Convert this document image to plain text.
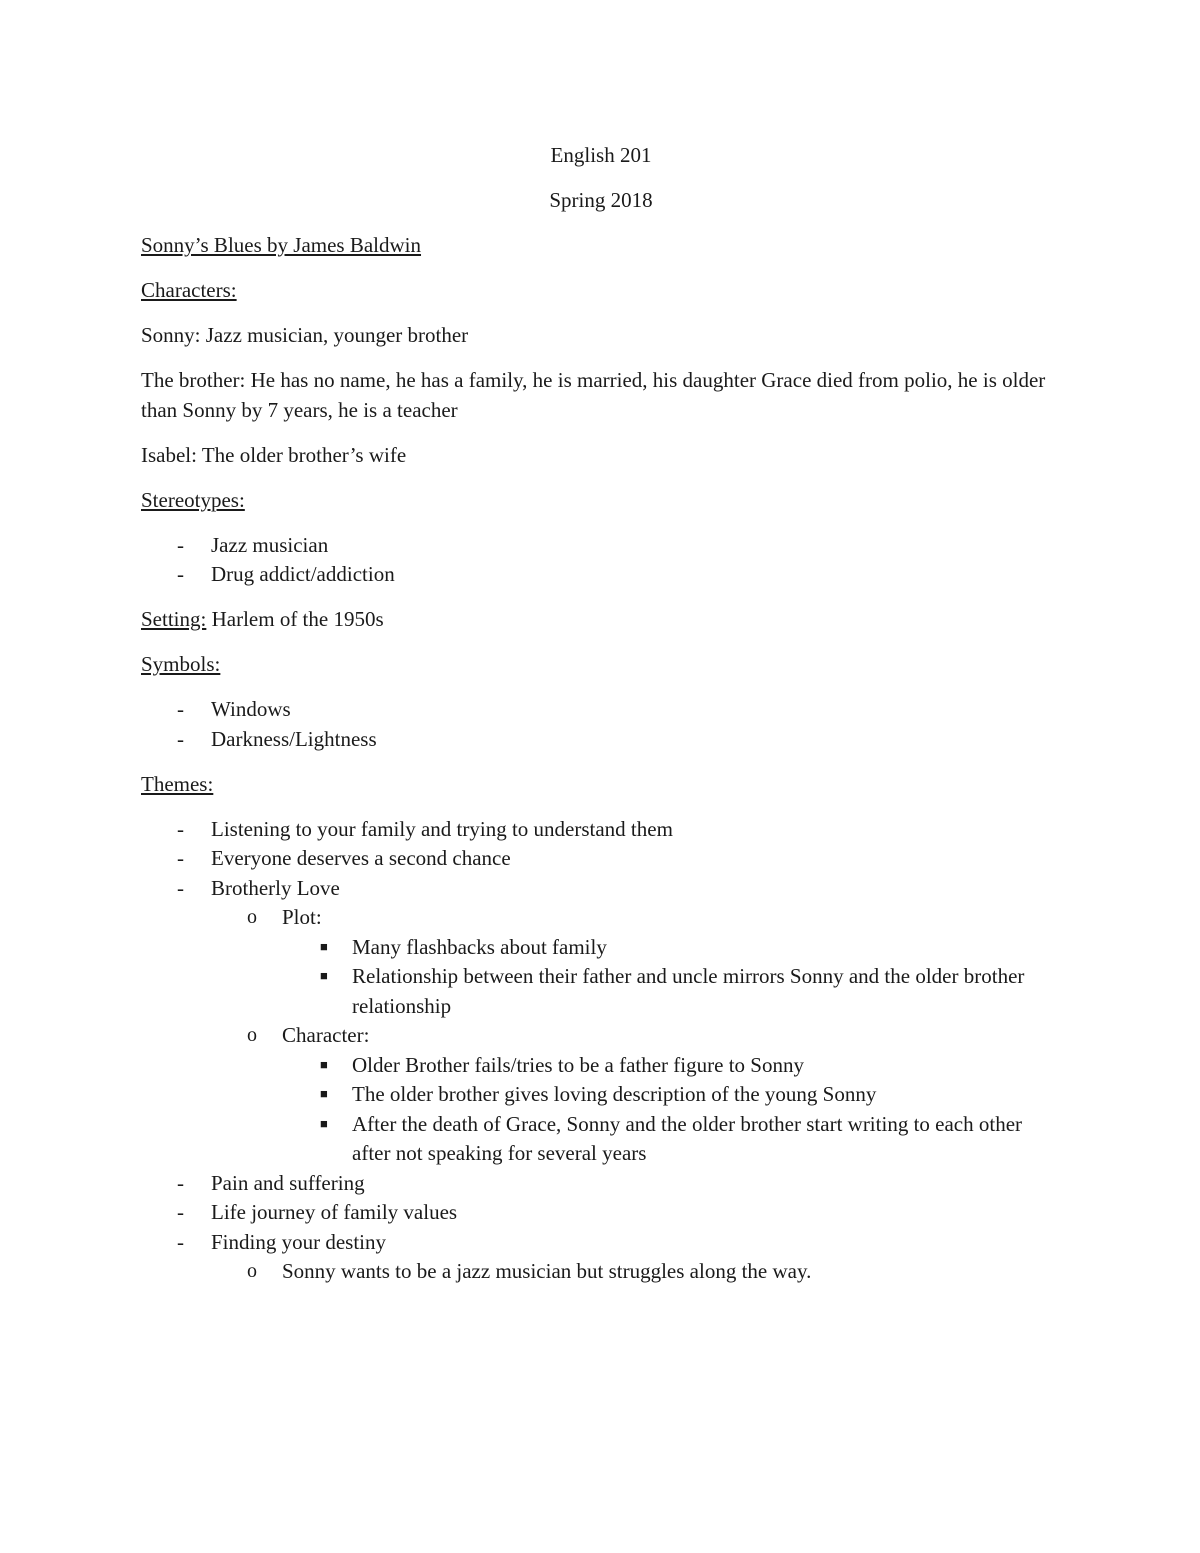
English 201

Spring 2018

Sonny’s Blues by James Baldwin

Characters:

Sonny: Jazz musician, younger brother

The brother: He has no name, he has a family, he is married, his daughter Grace died from polio, he is older than Sonny by 7 years, he is a teacher

Isabel: The older brother’s wife

Stereotypes:

- Jazz musician
- Drug addict/addiction

Setting: Harlem of the 1950s

Symbols:

- Windows
- Darkness/Lightness

Themes:

- Listening to your family and trying to understand them
- Everyone deserves a second chance
- Brotherly Love
o Plot:
■ Many flashbacks about family
■ Relationship between their father and uncle mirrors Sonny and the older brother relationship
o Character:
■ Older Brother fails/tries to be a father figure to Sonny
■ The older brother gives loving description of the young Sonny
■ After the death of Grace, Sonny and the older brother start writing to each other after not speaking for several years
- Pain and suffering
- Life journey of family values
- Finding your destiny
o Sonny wants to be a jazz musician but struggles along the way.
